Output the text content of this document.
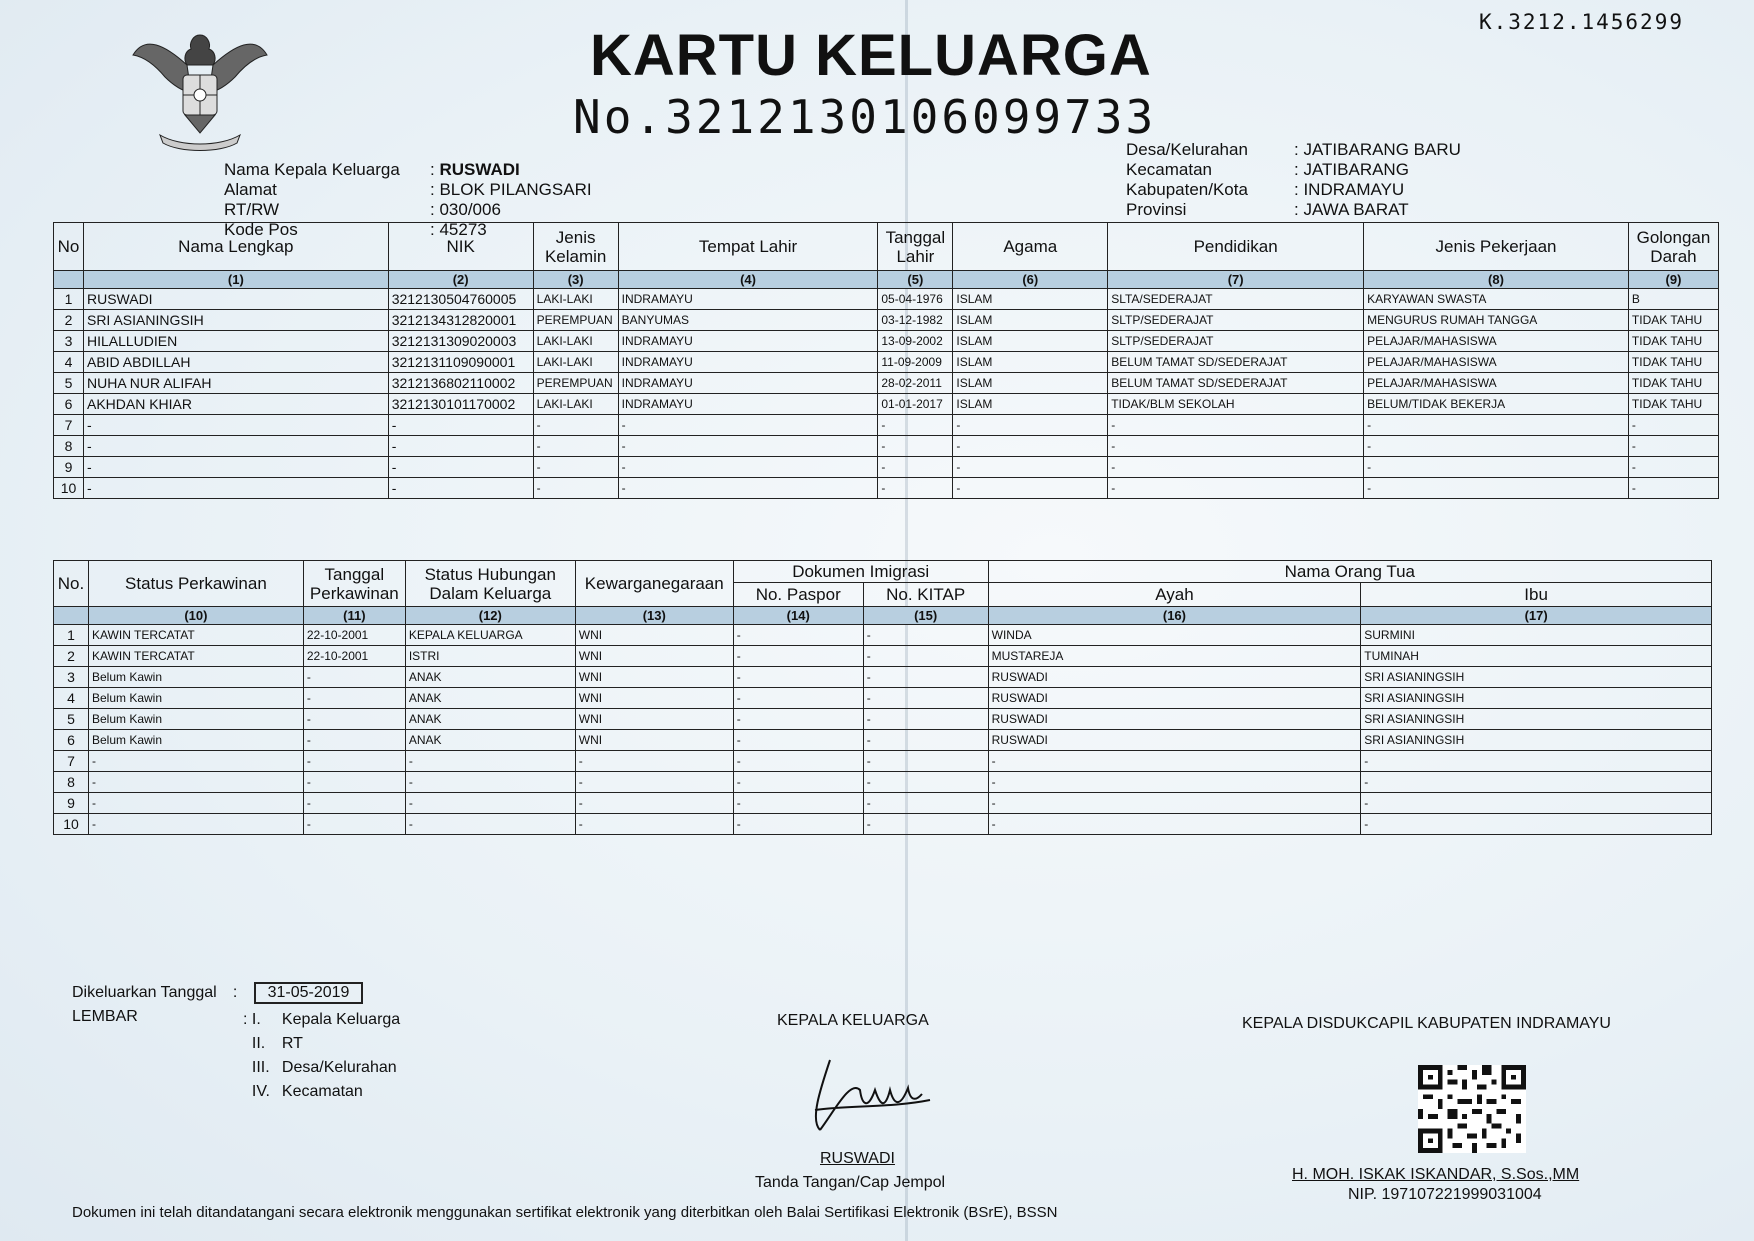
K.3212.1456299
KARTU KELUARGA
No.3212130106099733
Nama Kepala Keluarga	: RUSWADI
Alamat	: BLOK PILANGSARI
RT/RW	: 030/006
Kode Pos	: 45273
Desa/Kelurahan	: JATIBARANG BARU
Kecamatan	: JATIBARANG
Kabupaten/Kota	: INDRAMAYU
Provinsi	: JAWA BARAT
No	Nama Lengkap	NIK	Jenis Kelamin	Tempat Lahir	Tanggal Lahir	Agama	Pendidikan	Jenis Pekerjaan	Golongan Darah
	(1)	(2)	(3)	(4)	(5)	(6)	(7)	(8)	(9)
1	RUSWADI	3212130504760005	LAKI-LAKI	INDRAMAYU	05-04-1976	ISLAM	SLTA/SEDERAJAT	KARYAWAN SWASTA	B
2	SRI ASIANINGSIH	3212134312820001	PEREMPUAN	BANYUMAS	03-12-1982	ISLAM	SLTP/SEDERAJAT	MENGURUS RUMAH TANGGA	TIDAK TAHU
3	HILALLUDIEN	3212131309020003	LAKI-LAKI	INDRAMAYU	13-09-2002	ISLAM	SLTP/SEDERAJAT	PELAJAR/MAHASISWA	TIDAK TAHU
4	ABID ABDILLAH	3212131109090001	LAKI-LAKI	INDRAMAYU	11-09-2009	ISLAM	BELUM TAMAT SD/SEDERAJAT	PELAJAR/MAHASISWA	TIDAK TAHU
5	NUHA NUR ALIFAH	3212136802110002	PEREMPUAN	INDRAMAYU	28-02-2011	ISLAM	BELUM TAMAT SD/SEDERAJAT	PELAJAR/MAHASISWA	TIDAK TAHU
6	AKHDAN KHIAR	3212130101170002	LAKI-LAKI	INDRAMAYU	01-01-2017	ISLAM	TIDAK/BLM SEKOLAH	BELUM/TIDAK BEKERJA	TIDAK TAHU
7	-	-	-	-	-	-	-	-	-
8	-	-	-	-	-	-	-	-	-
9	-	-	-	-	-	-	-	-	-
10	-	-	-	-	-	-	-	-	-
No.	Status Perkawinan	Tanggal Perkawinan	Status Hubungan Dalam Keluarga	Kewarganegaraan	Dokumen Imigrasi		Nama Orang Tua	
					No. Paspor	No. KITAP	Ayah	Ibu
	(10)	(11)	(12)	(13)	(14)	(15)	(16)	(17)
1	KAWIN TERCATAT	22-10-2001	KEPALA KELUARGA	WNI	-	-	WINDA	SURMINI
2	KAWIN TERCATAT	22-10-2001	ISTRI	WNI	-	-	MUSTAREJA	TUMINAH
3	Belum Kawin	-	ANAK	WNI	-	-	RUSWADI	SRI ASIANINGSIH
4	Belum Kawin	-	ANAK	WNI	-	-	RUSWADI	SRI ASIANINGSIH
5	Belum Kawin	-	ANAK	WNI	-	-	RUSWADI	SRI ASIANINGSIH
6	Belum Kawin	-	ANAK	WNI	-	-	RUSWADI	SRI ASIANINGSIH
7	-	-	-	-	-	-	-	-
8	-	-	-	-	-	-	-	-
9	-	-	-	-	-	-	-	-
10	-	-	-	-	-	-	-	-
Dikeluarkan Tanggal : 31-05-2019
LEMBAR	: I. Kepala Keluarga
II. RT
III. Desa/Kelurahan
IV. Kecamatan
KEPALA KELUARGA
RUSWADI
Tanda Tangan/Cap Jempol
KEPALA DISDUKCAPIL KABUPATEN INDRAMAYU
H. MOH. ISKAK ISKANDAR, S.Sos.,MM
NIP. 197107221999031004
Dokumen ini telah ditandatangani secara elektronik menggunakan sertifikat elektronik yang diterbitkan oleh Balai Sertifikasi Elektronik (BSrE), BSSN
